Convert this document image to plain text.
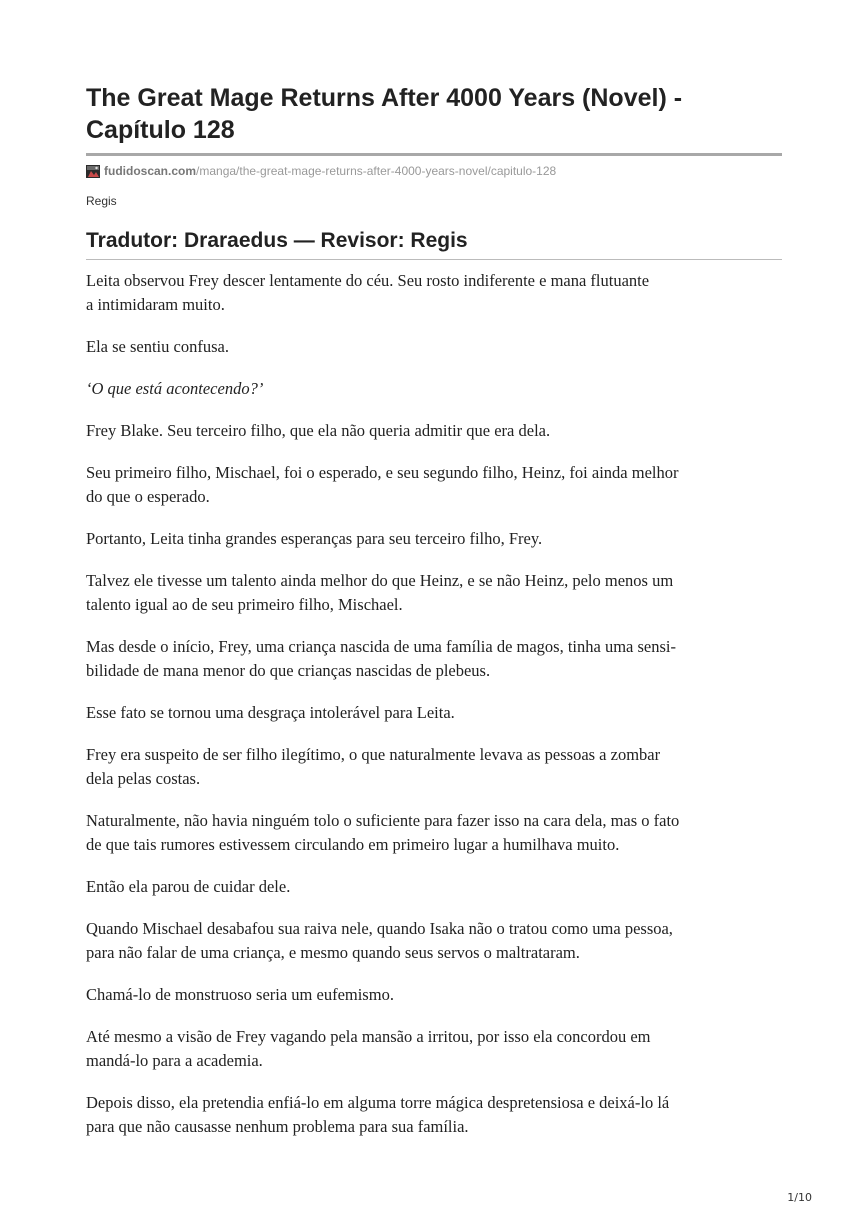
The Great Mage Returns After 4000 Years (Novel) -
Capítulo 128
fudidoscan.com /manga/the-great-mage-returns-after-4000-years-novel/capitulo-128
Regis
Tradutor: Draraedus — Revisor: Regis

Leita observou Frey descer lentamente do céu. Seu rosto indiferente e mana flutuante
a intimidaram muito.

Ela se sentiu confusa.

‘O que está acontecendo?’

Frey Blake. Seu terceiro filho, que ela não queria admitir que era dela.

Seu primeiro filho, Mischael, foi o esperado, e seu segundo filho, Heinz, foi ainda melhor
do que o esperado.

Portanto, Leita tinha grandes esperanças para seu terceiro filho, Frey.

Talvez ele tivesse um talento ainda melhor do que Heinz, e se não Heinz, pelo menos um
talento igual ao de seu primeiro filho, Mischael.

Mas desde o início, Frey, uma criança nascida de uma família de magos, tinha uma sensi-
bilidade de mana menor do que crianças nascidas de plebeus.

Esse fato se tornou uma desgraça intolerável para Leita.

Frey era suspeito de ser filho ilegítimo, o que naturalmente levava as pessoas a zombar
dela pelas costas.

Naturalmente, não havia ninguém tolo o suficiente para fazer isso na cara dela, mas o fato
de que tais rumores estivessem circulando em primeiro lugar a humilhava muito.

Então ela parou de cuidar dele.

Quando Mischael desabafou sua raiva nele, quando Isaka não o tratou como uma pessoa,
para não falar de uma criança, e mesmo quando seus servos o maltrataram.

Chamá-lo de monstruoso seria um eufemismo.

Até mesmo a visão de Frey vagando pela mansão a irritou, por isso ela concordou em
mandá-lo para a academia.

Depois disso, ela pretendia enfiá-lo em alguma torre mágica despretensiosa e deixá-lo lá
para que não causasse nenhum problema para sua família.

1/10
